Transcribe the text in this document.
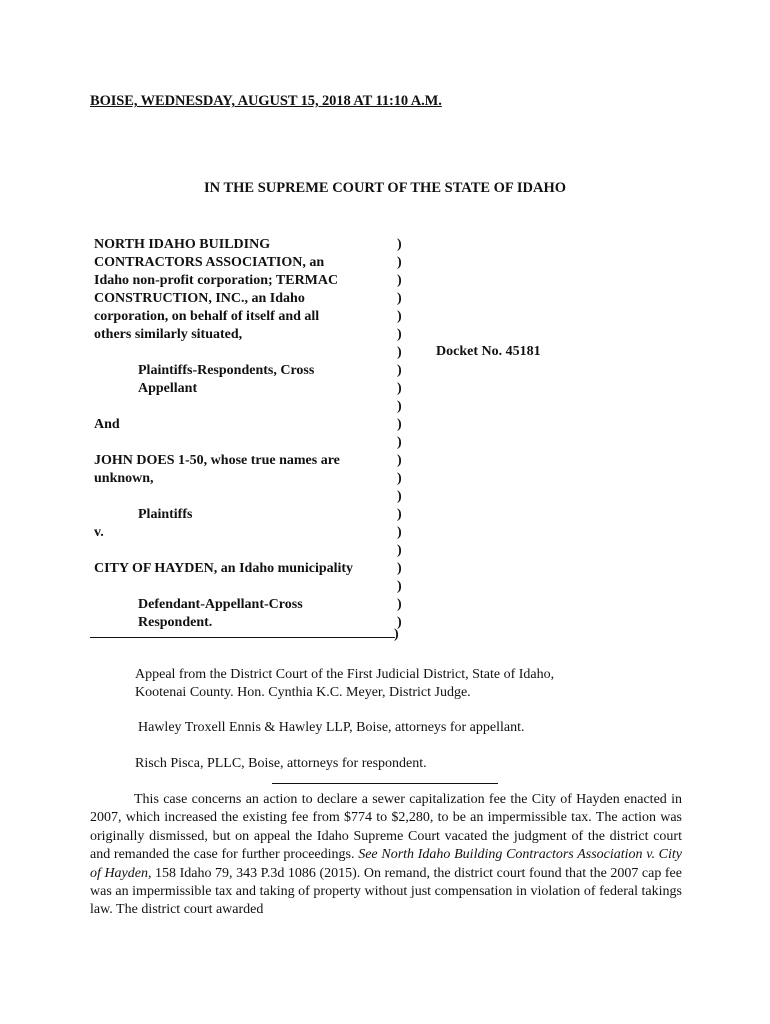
BOISE, WEDNESDAY, AUGUST 15, 2018 AT 11:10 A.M.
IN THE SUPREME COURT OF THE STATE OF IDAHO
NORTH IDAHO BUILDING
CONTRACTORS ASSOCIATION, an
Idaho non-profit corporation; TERMAC
CONSTRUCTION, INC., an Idaho
corporation, on behalf of itself and all
others similarly situated,
Plaintiffs-Respondents, Cross
Appellant
And
JOHN DOES 1-50, whose true names are
unknown,
Plaintiffs
v.
CITY OF HAYDEN, an Idaho municipality
Defendant-Appellant-Cross
Respondent.
)
)
)
)
)
)
)
)
)
)
)
)
)
)
)
)
)
)
)
)
)
)
Docket No. 45181
)
Appeal from the District Court of the First Judicial District, State of Idaho,
Kootenai County. Hon. Cynthia K.C. Meyer, District Judge.
Hawley Troxell Ennis & Hawley LLP, Boise, attorneys for appellant.
Risch Pisca, PLLC, Boise, attorneys for respondent.

This case concerns an action to declare a sewer capitalization fee the City of Hayden enacted in 2007, which increased the existing fee from $774 to $2,280, to be an impermissible tax. The action was originally dismissed, but on appeal the Idaho Supreme Court vacated the judgment of the district court and remanded the case for further proceedings. See North Idaho Building Contractors Association v. City of Hayden, 158 Idaho 79, 343 P.3d 1086 (2015). On remand, the district court found that the 2007 cap fee was an impermissible tax and taking of property without just compensation in violation of federal takings law. The district court awarded
